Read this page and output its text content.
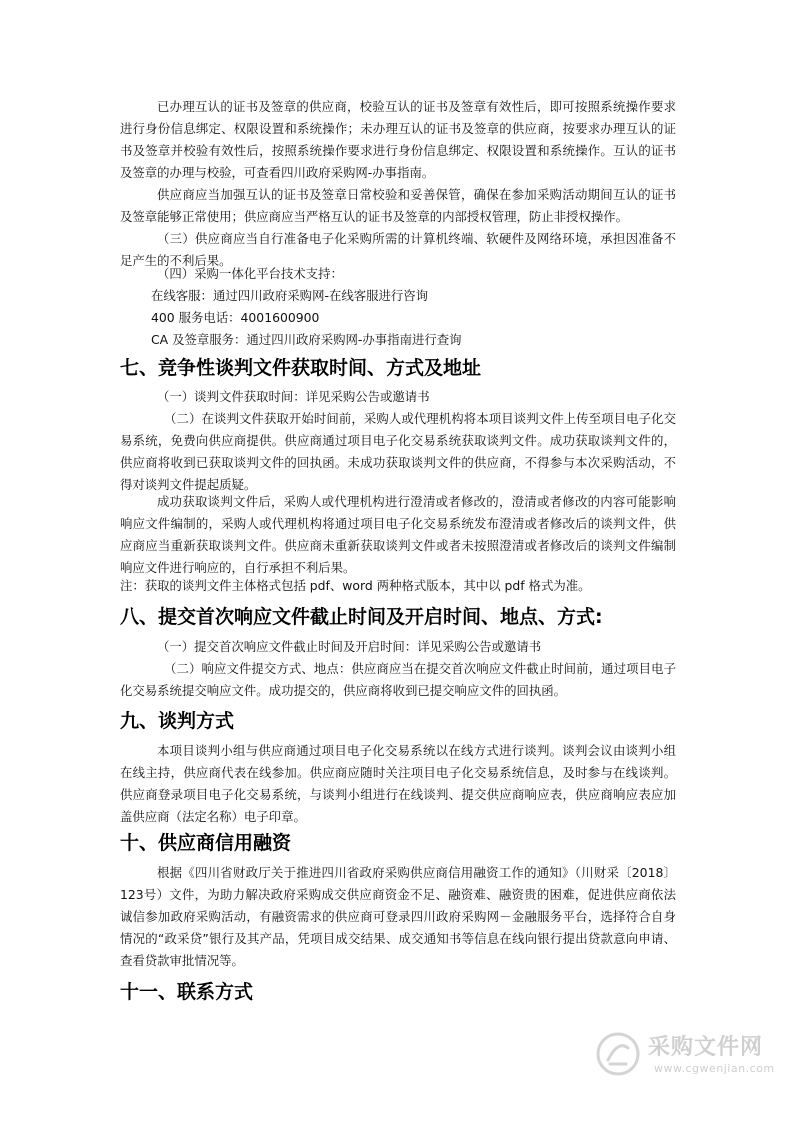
已办理互认的证书及签章的供应商，校验互认的证书及签章有效性后，即可按照系统操作要求进行身份信息绑定、权限设置和系统操作；未办理互认的证书及签章的供应商，按要求办理互认的证书及签章并校验有效性后，按照系统操作要求进行身份信息绑定、权限设置和系统操作。互认的证书及签章的办理与校验，可查看四川政府采购网-办事指南。

供应商应当加强互认的证书及签章日常校验和妥善保管，确保在参加采购活动期间互认的证书及签章能够正常使用；供应商应当严格互认的证书及签章的内部授权管理，防止非授权操作。

（三）供应商应当自行准备电子化采购所需的计算机终端、软硬件及网络环境，承担因准备不足产生的不利后果。

（四）采购一体化平台技术支持：

在线客服：通过四川政府采购网-在线客服进行咨询

400 服务电话：4001600900

CA 及签章服务：通过四川政府采购网-办事指南进行查询

七、竞争性谈判文件获取时间、方式及地址

（一）谈判文件获取时间：详见采购公告或邀请书

（二）在谈判文件获取开始时间前，采购人或代理机构将本项目谈判文件上传至项目电子化交易系统，免费向供应商提供。供应商通过项目电子化交易系统获取谈判文件。成功获取谈判文件的，供应商将收到已获取谈判文件的回执函。未成功获取谈判文件的供应商，不得参与本次采购活动，不得对谈判文件提起质疑。

成功获取谈判文件后，采购人或代理机构进行澄清或者修改的，澄清或者修改的内容可能影响响应文件编制的，采购人或代理机构将通过项目电子化交易系统发布澄清或者修改后的谈判文件，供应商应当重新获取谈判文件。供应商未重新获取谈判文件或者未按照澄清或者修改后的谈判文件编制响应文件进行响应的，自行承担不利后果。

注：获取的谈判文件主体格式包括 pdf、word 两种格式版本，其中以 pdf 格式为准。

八、提交首次响应文件截止时间及开启时间、地点、方式:

（一）提交首次响应文件截止时间及开启时间：详见采购公告或邀请书

（二）响应文件提交方式、地点：供应商应当在提交首次响应文件截止时间前，通过项目电子化交易系统提交响应文件。成功提交的，供应商将收到已提交响应文件的回执函。

九、谈判方式

本项目谈判小组与供应商通过项目电子化交易系统以在线方式进行谈判。谈判会议由谈判小组在线主持，供应商代表在线参加。供应商应随时关注项目电子化交易系统信息，及时参与在线谈判。供应商登录项目电子化交易系统，与谈判小组进行在线谈判、提交供应商响应表，供应商响应表应加盖供应商（法定名称）电子印章。

十、供应商信用融资

根据《四川省财政厅关于推进四川省政府采购供应商信用融资工作的通知》（川财采〔2018〕123号）文件，为助力解决政府采购成交供应商资金不足、融资难、融资贵的困难，促进供应商依法诚信参加政府采购活动，有融资需求的供应商可登录四川政府采购网－金融服务平台，选择符合自身情况的“政采贷”银行及其产品，凭项目成交结果、成交通知书等信息在线向银行提出贷款意向申请、查看贷款审批情况等。

十一、联系方式
采购文件网
www.cgwenjian.com
